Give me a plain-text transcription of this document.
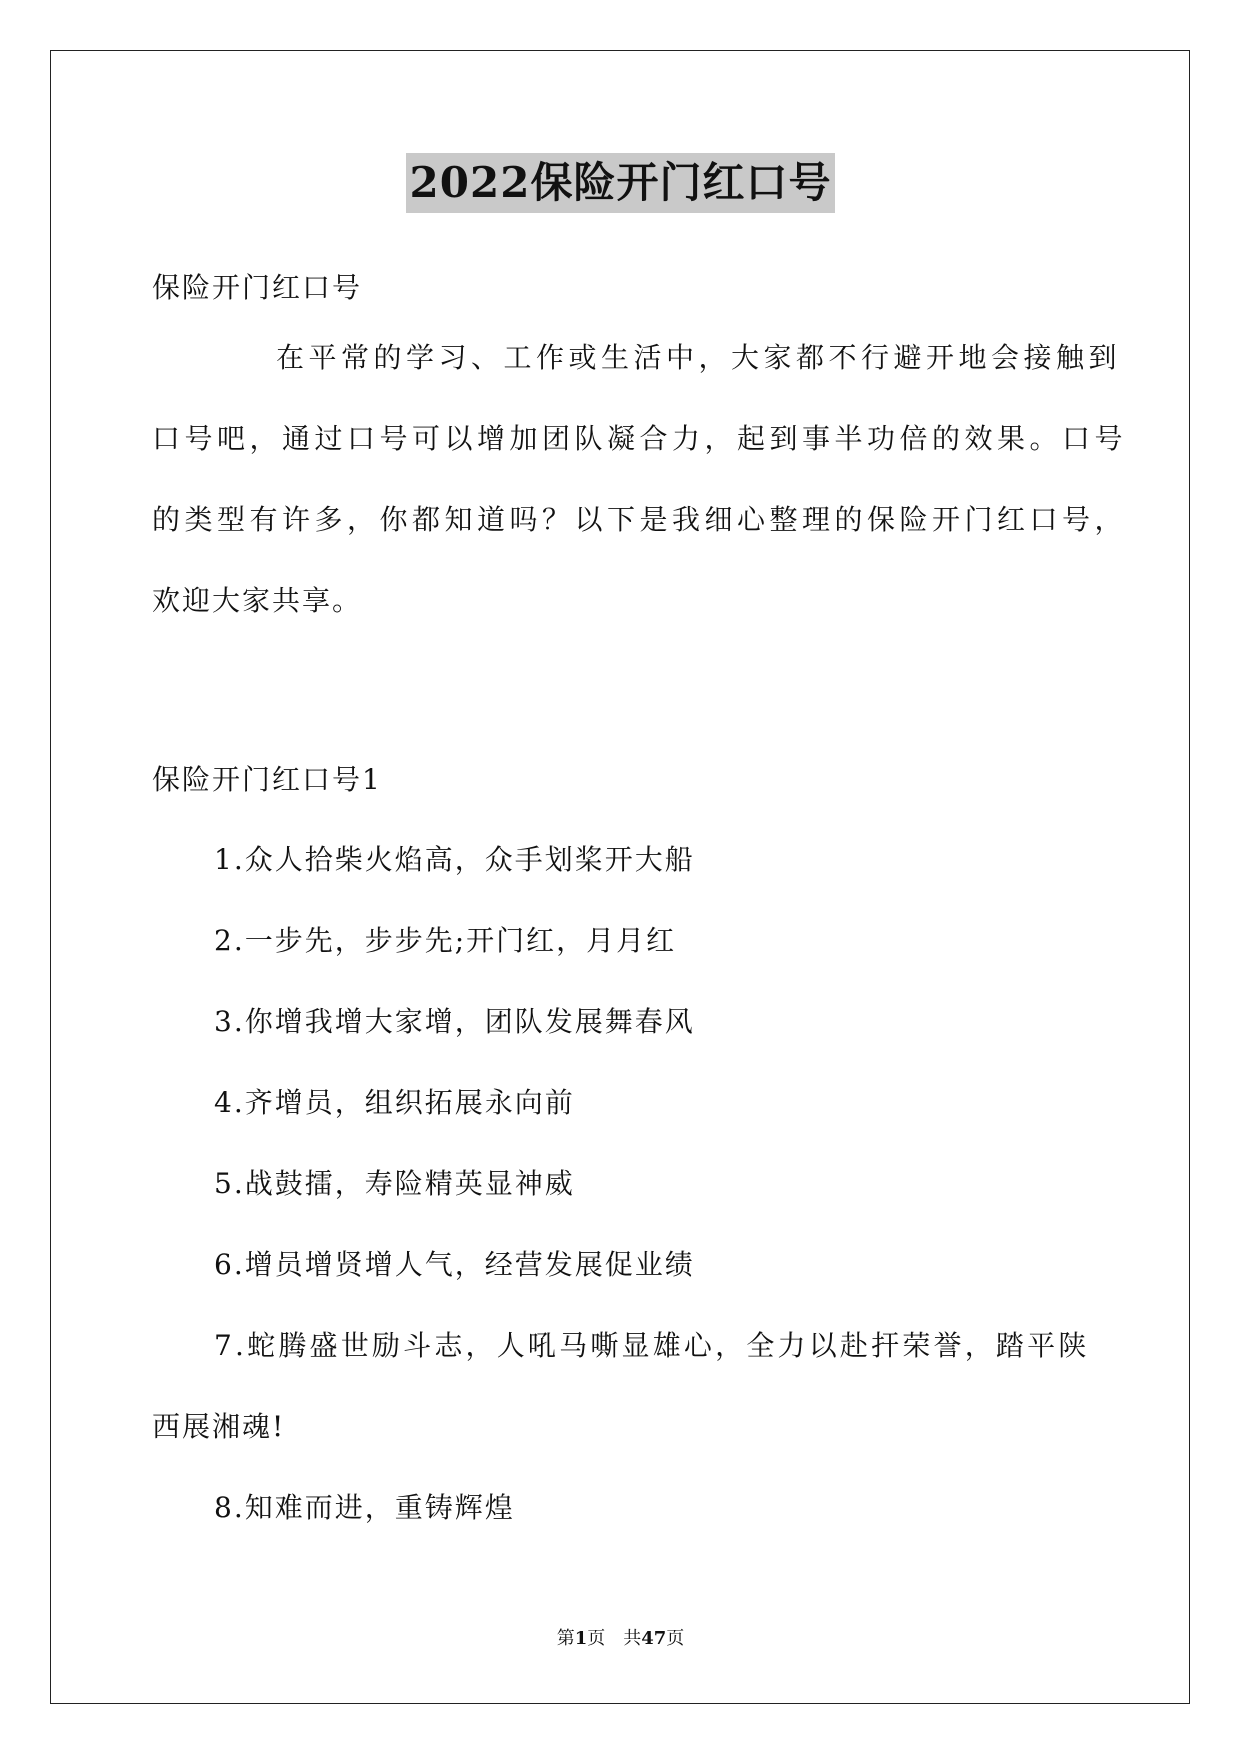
2022保险开门红口号
保险开门红口号
在平常的学习、工作或生活中，大家都不行避开地会接触到
口号吧，通过口号可以增加团队凝合力，起到事半功倍的效果。口号
的类型有许多，你都知道吗？以下是我细心整理的保险开门红口号，
欢迎大家共享。
保险开门红口号1
1.众人拾柴火焰高，众手划桨开大船
2.一步先，步步先;开门红，月月红
3.你增我增大家增，团队发展舞春风
4.齐增员，组织拓展永向前
5.战鼓擂，寿险精英显神威
6.增员增贤增人气，经营发展促业绩
7.蛇腾盛世励斗志，人吼马嘶显雄心，全力以赴扞荣誉，踏平陕
西展湘魂!
8.知难而进，重铸辉煌
第1页　共47页
